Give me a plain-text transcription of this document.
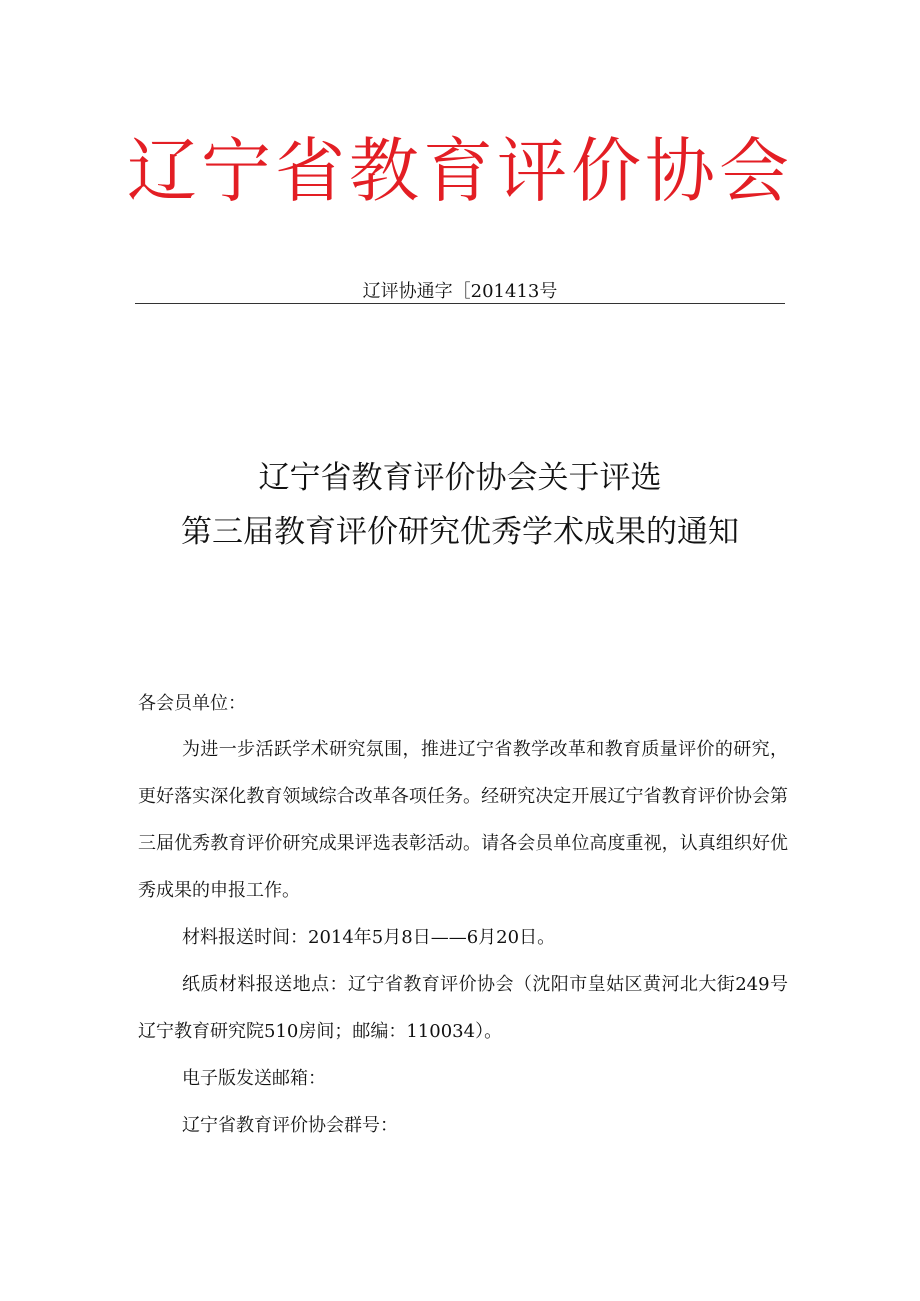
辽宁省教育评价协会
辽评协通字［201413号
辽宁省教育评价协会关于评选
第三届教育评价研究优秀学术成果的通知
各会员单位：

为进一步活跃学术研究氛围，推进辽宁省教学改革和教育质量评价的研究，更好落实深化教育领域综合改革各项任务。经研究决定开展辽宁省教育评价协会第三届优秀教育评价研究成果评选表彰活动。请各会员单位高度重视，认真组织好优秀成果的申报工作。

材料报送时间：2014年5月8日——6月20日。

纸质材料报送地点：辽宁省教育评价协会（沈阳市皇姑区黄河北大街249号辽宁教育研究院510房间；邮编：110034）。

电子版发送邮箱：

辽宁省教育评价协会群号：
